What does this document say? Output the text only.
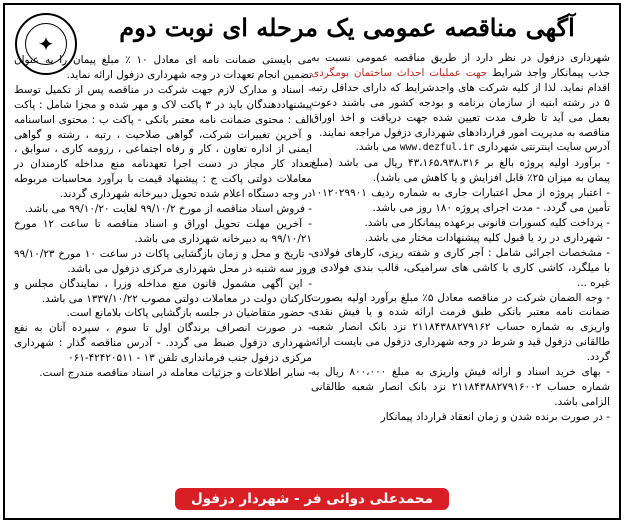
✦
آگهی مناقصه عمومی یک مرحله ای نوبت دوم

شهرداری دزفول در نظر دارد از طریق مناقصه عمومی نسبت به جذب پیمانکار واجد شرایط جهت عملیات احداث ساختمان بومگردی اقدام نماید. لذا از کلیه شرکت های واجدشرایط که دارای حداقل رتبه ۵ در رشته ابنیه از سازمان برنامه و بودجه کشور می باشند دعوت بعمل می آید تا ظرف مدت تعیین شده جهت دریافت و اخذ اوراق مناقصه به مدیریت امور قراردادهای شهرداری دزفول مراجعه نمایند.

آدرس سایت اینترنتی شهرداری www.dezful.ir می باشد.

- برآورد اولیه پروژه بالغ بر ۴۳،۱۶۵،۹۳۸،۳۱۶ ریال می باشد (مبلغ پیمان به میزان ۲۵٪ قابل افزایش و یا کاهش می باشد).

- اعتبار پروژه از محل اعتبارات جاری به شماره ردیف ۱۰۱۲۰۲۹۹۰۱ تأمین می گردد. - مدت اجرای پروژه ۱۸۰ روز می باشد.

- پرداخت کلیه کسورات قانونی برعهده پیمانکار می باشد.

- شهرداری در رد یا قبول کلیه پیشنهادات مختار می باشد.

- مشخصات اجرائی شامل : آجر کاری و شفته ریزی، کارهای فولادی با میلگرد، کاشی کاری با کاشی های سرامیکی، قالب بندی فولادی و غیره ...

- وجه الضمان شرکت در مناقصه معادل ۵٪ مبلغ برآورد اولیه بصورت ضمانت نامه معتبر بانکی طبق فرمت ارائه شده و یا فیش نقدی واریزی به شماره حساب ۲۱۱۸۴۳۸۸۲۷۹۱۶۲ نزد بانک انصار شعبه طالقانی دزفول قید و شرط در وجه شهرداری دزفول می بایست ارائه گردد.

- بهای خرید اسناد و ارائه فیش واریزی به مبلغ ۸۰۰،۰۰۰ ریال به شماره حساب ۲۱۱۸۴۳۸۸۲۷۹۱۶۰۰۲ نزد بانک انصار شعبه طالقانی الزامی باشد.

- در صورت برنده شدن و زمان انعقاد قرارداد پیمانکار

می بایستی ضمانت نامه ای معادل ۱۰ ٪ مبلغ پیمان را به عنوان تضمین انجام تعهدات در وجه شهرداری دزفول ارائه نماید.

- اسناد و مدارک لازم جهت شرکت در مناقصه پس از تکمیل توسط پیشنهاددهندگان باید در ۳ پاکت لاک و مهر شده و مجزا شامل : پاکت الف : محتوی ضمانت نامه معتبر بانکی - پاکت ب : محتوی اساسنامه و آخرین تغییرات شرکت، گواهی صلاحیت ، رتبه ، رشته و گواهی ایمنی از اداره تعاون ، کار و رفاه اجتماعی ، رزومه کاری ، سوابق ، تعداد کار مجاز در دست اجرا تعهدنامه منع مداخله کارمندان در معاملات دولتی پاکت ج : پیشنهاد قیمت با برآورد محاسبات مربوطه در وجه دستگاه اعلام شده تحویل دبیرخانه شهرداری گردند.

- فروش اسناد مناقصه از مورخ ۹۹/۱۰/۲ لغایت ۹۹/۱۰/۲۰ می باشد.

- آخرین مهلت تحویل اوراق و اسناد مناقصه تا ساعت ۱۲ مورخ ۹۹/۱۰/۲۱ به دبیرخانه شهرداری می باشد.

- تاریخ و محل و زمان بازگشایی پاکات در ساعت ۱۰ مورخ ۹۹/۱۰/۲۳ روز سه شنبه در محل شهرداری مرکزی دزفول می باشد.

- این آگهی مشمول قانون منع مداخله وزرا ، نمایندگان مجلس و کارکنان دولت در معاملات دولتی مصوب ۱۳۳۷/۱۰/۲۲ می باشد.

- حضور متقاضیان در جلسه بازگشایی پاکات بلامانع است.

- در صورت انصراف برندگان اول تا سوم ، سپرده آنان به نفع شهرداری دزفول ضبط می گردد. - آدرس مناقصه گذار : شهرداری مرکزی دزفول جنب فرمانداری تلفن ۱۳ - ۴۲۴۲۰۵۱۱-۰۶۱

- سایر اطلاعات و جزئیات معامله در اسناد مناقصه مندرج است.

محمدعلی دوائی فر - شهردار دزفول
